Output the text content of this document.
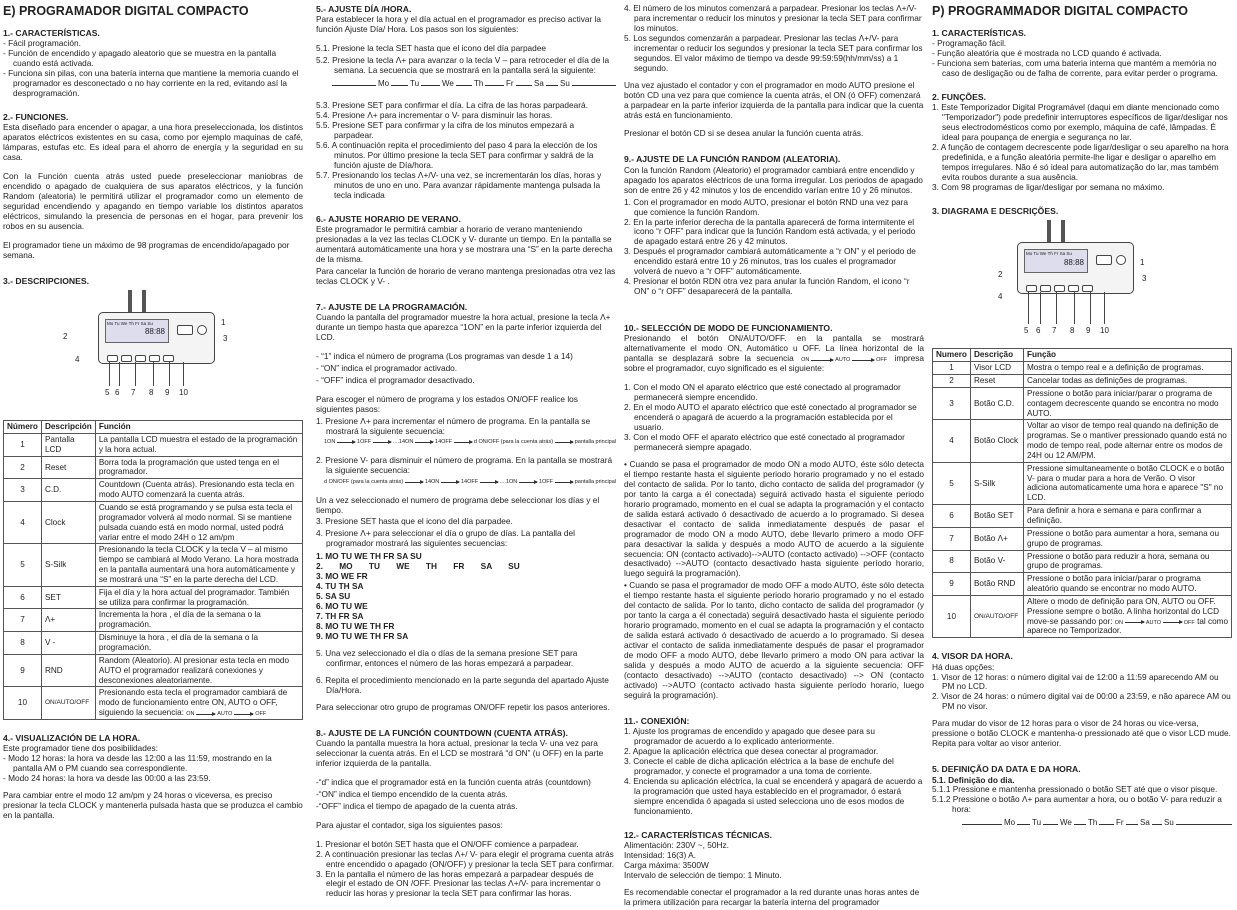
E) PROGRAMADOR DIGITAL COMPACTO
1.- CARACTERÍSTICAS.
- Fácil programación.
- Función de encendido y apagado aleatorio que se muestra en la pantalla cuando está activada.
- Funciona sin pilas, con una batería interna que mantiene la memoria cuando el programador es desconectado o no hay corriente en la red, evitando así la desprogramación.
2.- FUNCIONES.
Esta diseñado para encender o apagar, a una hora preseleccionada, los distintos aparatos eléctricos existentes en su casa, como por ejemplo maquinas de café, lámparas, estufas etc. Es ideal para el ahorro de energía y la seguridad en su casa.
Con la Función cuenta atrás usted puede preseleccionar maniobras de encendido o apagado de cualquiera de sus aparatos eléctricos, y la función Random (aleatoria) le permitirá utilizar el programador como un elemento de seguridad encendiendo y apagando en tiempo variable los distintos aparatos eléctricos, simulando la presencia de personas en el hogar, para prevenir los robos en su ausencia.
El programador tiene un máximo de 98 programas de encendido/apagado por semana.
3.- DESCRIPCIONES.
Mo Tu We Th Fr Sa Su
88:88
1
2	3
4
5 6 7 8 9 10
Número	Descripción	Función
1	Pantalla LCD	La pantalla LCD muestra el estado de la programación y la hora actual.
2	Reset	Borra toda la programación que usted tenga en el programador.
3	C.D.	Countdown (Cuenta atrás). Presionando esta tecla en modo AUTO comenzará la cuenta atrás.
4	Clock	Cuando se está programando y se pulsa esta tecla el programador volverá al modo normal. Si se mantiene pulsada cuando está en modo normal, usted podrá variar entre el modo 24H o 12 am/pm
5	S-Silk	Presionando la tecla CLOCK y la tecla V – al mismo tiempo se cambiará al Modo Verano. La hora mostrada en la pantalla aumentará una hora automáticamente y se mostrará una “S” en la parte derecha del LCD.
6	SET	Fija el día y la hora actual del programador. También se utiliza para confirmar la programación.
7	Λ+	Incrementa la hora , el día de la semana o la programación.
8	V -	Disminuye la hora , el día de la semana o la programación.
9	RND	Random (Aleatorio). Al presionar esta tecla en modo AUTO el programador realizará conexiones y desconexiones aleatoriamente.
10	ON/AUTO/OFF	Presionando esta tecla el programador cambiará de modo de funcionamiento entre ON, AUTO o OFF, siguiendo la secuencia: ON AUTO OFF
4.- VISUALIZACIÓN DE LA HORA.
Este programador tiene dos posibilidades:
- Modo 12 horas: la hora va desde las 12:00 a las 11:59, mostrando en la pantalla AM o PM cuando sea correspondiente.
- Modo 24 horas: la hora va desde las 00:00 a las 23:59.
Para cambiar entre el modo 12 am/pm y 24 horas o viceversa, es preciso presionar la tecla CLOCK y mantenerla pulsada hasta que se produzca el cambio en la pantalla.
5.- AJUSTE DÍA /HORA.
Para establecer la hora y el día actual en el programador es preciso activar la función Ajuste Día/ Hora. Los pasos son los siguientes:
5.1. Presione la tecla SET hasta que el icono del día parpadee
5.2. Presione la tecla Λ+ para avanzar o la tecla V – para retroceder el día de la semana. La secuencia que se mostrará en la pantalla será la siguiente:
Mo	Tu	We	Th	Fr	Sa Su
5.3. Presione SET para confirmar el día. La cifra de las horas parpadeará.
5.4. Presione Λ+ para incrementar o V- para disminuir las horas.
5.5. Presione SET para confirmar y la cifra de los minutos empezará a parpadear.
5.6. A continuación repita el procedimiento del paso 4 para la elección de los minutos. Por último presione la tecla SET para confirmar y saldrá de la función ajuste de Día/hora.
5.7. Presionando los teclas Λ+/V- una vez, se incrementarán los días, horas y minutos de uno en uno. Para avanzar rápidamente mantenga pulsada la tecla indicada
6.- AJUSTE HORARIO DE VERANO.
Este programador le permitirá cambiar a horario de verano manteniendo presionadas a la vez las teclas CLOCK y V- durante un tiempo. En la pantalla se aumentará automáticamente una hora y se mostrara una “S” en la parte derecha de la misma.
Para cancelar la función de horario de verano mantenga presionadas otra vez las teclas CLOCK y V- .
7.- AJUSTE DE LA PROGRAMACIÓN.
Cuando la pantalla del programador muestre la hora actual, presione la tecla Λ+ durante un tiempo hasta que aparezca “1ON” en la parte inferior izquierda del LCD.
- “1” indica el número de programa (Los programas van desde 1 a 14)
- “ON” indica el programador activado.
- “OFF” indica el programador desactivado.
Para escoger el número de programa y los estados ON/OFF realice los siguientes pasos:
1. Presione Λ+ para incrementar el número de programa. En la pantalla se mostrará la siguiente secuencia:
1ON	1OFF	....14ON	14OFF	d ON/OFF (para la cuenta atrás)	pantalla principal
2. Presione V- para disminuir el número de programa. En la pantalla se mostrará la siguiente secuencia:
d ON/OFF (para la cuenta atrás)	14ON	14OFF	....1ON	1OFF	pantalla principal
Un a vez seleccionado el numero de programa debe seleccionar los días y el tiempo.
3. Presione SET hasta que el icono del día parpadee.
4. Presione Λ+ para seleccionar el día o grupo de días. La pantalla del programador mostrará las siguientes secuencias:
1. MO TU WE TH FR SA SU
2. MO TU WE TH FR SA SU
3. MO WE FR
4. TU TH SA
5. SA SU
6. MO TU WE
7. TH FR SA
8. MO TU WE TH FR
9. MO TU WE TH FR SA
5. Una vez seleccionado el día o días de la semana presione SET para confirmar, entonces el número de las horas empezará a parpadear.
6. Repita el procedimiento mencionado en la parte segunda del apartado Ajuste Día/Hora.
Para seleccionar otro grupo de programas ON/OFF repetir los pasos anteriores.
8.- AJUSTE DE LA FUNCIÓN COUNTDOWN (CUENTA ATRÁS).
Cuando la pantalla muestra la hora actual, presionar la tecla V- una vez para seleccionar la cuenta atrás. En el LCD se mostrará “d ON” (u OFF) en la parte inferior izquierda de la pantalla.
-“d” indica que el programador está en la función cuenta atrás (countdown)
-“ON” indica el tiempo encendido de la cuenta atrás.
-“OFF” indica el tiempo de apagado de la cuenta atrás.
Para ajustar el contador, siga los siguientes pasos:
1. Presionar el botón SET hasta que el ON/OFF comience a parpadear.
2. A continuación presionar las teclas Λ+/ V- para elegir el programa cuenta atrás entre encendido o apagado (ON/OFF) y presionar la tecla SET para confirmar.
3. En la pantalla el número de las horas empezará a parpadear después de elegir el estado de ON /OFF. Presionar las teclas Λ+/V- para incrementar o reducir las horas y presionar la tecla SET para confirmar las horas.
4. El número de los minutos comenzará a parpadear. Presionar los teclas Λ+/V- para incrementar o reducir los minutos y presionar la tecla SET para confirmar los minutos.
5. Los segundos comenzarán a parpadear. Presionar las teclas Λ+/V- para incrementar o reducir los segundos y presionar la tecla SET para confirmar los segundos. El valor máximo de tiempo va desde 99:59:59(hh/mm/ss) a 1 segundo.
Una vez ajustado el contador y con el programador en modo AUTO presione el botón CD una vez para que comience la cuenta atrás, el ON (ó OFF) comenzará a parpadear en la parte inferior izquierda de la pantalla para indicar que la cuenta atrás está en funcionamiento.
Presionar el botón CD si se desea anular la función cuenta atrás.
9.- AJUSTE DE LA FUNCIÓN RANDOM (ALEATORIA).
Con la función Random (Aleatorio) el programador cambiará entre encendido y apagado los aparatos eléctricos de una forma irregular. Los periodos de apagado son de entre 26 y 42 minutos y los de encendido varían entre 10 y 26 minutos.
1. Con el programador en modo AUTO, presionar el botón RND una vez para que comience la función Random.
2. En la parte inferior derecha de la pantalla aparecerá de forma intermitente el icono “r OFF” para indicar que la función Random está activada, y el periodo de apagado estará entre 26 y 42 minutos.
3. Después el programador cambiará automáticamente a “r ON” y el periodo de encendido estará entre 10 y 26 minutos, tras los cuales el programador volverá de nuevo a “r OFF” automáticamente.
4. Presionar el botón RDN otra vez para anular la función Random, el icono “r ON” o “r OFF” desaparecerá de la pantalla.
10.- SELECCIÓN DE MODO DE FUNCIONAMIENTO.
Presionando el botón ON/AUTO/OFF. en la pantalla se mostrará alternativamente el modo ON, Automático u OFF. La línea horizontal de la pantalla se desplazará sobre la secuencia ON	AUTO	OFF impresa sobre el programador, cuyo significado es el siguiente:
1. Con el modo ON el aparato eléctrico que esté conectado al programador permanecerá siempre encendido.
2. En el modo AUTO el aparato eléctrico que esté conectado al programador se encenderá o apagará de acuerdo a la programación establecida por el usuario.
3. Con el modo OFF el aparato eléctrico que esté conectado al programador permanecerá siempre apagado.
• Cuando se pasa el programador de modo ON a modo AUTO, éste sólo detecta el tiempo restante hasta el siguiente periodo horario programado y no el estado del contacto de salida. Por lo tanto, dicho contacto de salida del programador (y por tanto la carga a él conectada) seguirá activado hasta el siguiente periodo horario programado, momento en el cual se adapta la programación y el contacto de salida estará activado ó desactivado de acuerdo a lo programado. Si desea desactivar el contacto de salida inmediatamente después de pasar el programador de modo ON a modo AUTO, debe llevarlo primero a modo OFF para desactivar la salida y después a modo AUTO de acuerdo a la siguiente secuencia: ON (contacto activado)-->AUTO (contacto activado) -->OFF (contacto desactivado) -->AUTO (contacto desactivado hasta siguiente período horario, luego seguirá la programación).
• Cuando se pasa el programador de modo OFF a modo AUTO, éste sólo detecta el tiempo restante hasta el siguiente periodo horario programado y no el estado del contacto de salida. Por lo tanto, dicho contacto de salida del programador (y por tanto la carga a él conectada) seguirá desactivado hasta el siguiente periodo horario programado, momento en el cual se adapta la programación y el contacto de salida estará activado ó desactivado de acuerdo a lo programado. Si desea activar el contacto de salida inmediatamente después de pasar el programador de modo OFF a modo AUTO, debe llevarlo primero a modo ON para activar la salida y después a modo AUTO de acuerdo a la siguiente secuencia: OFF (contacto desactivado) -->AUTO (contacto desactivado) --> ON (contacto activado) -->AUTO (contacto activado hasta siguiente período horario, luego seguirá la programación).
11.- CONEXIÓN:
1. Ajuste los programas de encendido y apagado que desee para su programador de acuerdo a lo explicado anteriormente.
2. Apague la aplicación eléctrica que desea conectar al programador.
3. Conecte el cable de dicha aplicación eléctrica a la base de enchufe del programador, y conecte el programador a una toma de corriente.
4. Encienda su aplicación eléctrica, la cual se encenderá y apagará de acuerdo a la programación que usted haya establecido en el programador, ó estará siempre encendida ó apagada si usted selecciona uno de esos modos de funcionamiento.
12.- CARACTERÍSTICAS TÉCNICAS.
Alimentación: 230V ~, 50Hz.
Intensidad: 16(3) A.
Carga máxima: 3500W
Intervalo de selección de tiempo: 1 Minuto.
Es recomendable conectar el programador a la red durante unas horas antes de la primera utilización para recargar la batería interna del programador
P) PROGRAMMADOR DIGITAL COMPACTO
1. CARACTERÍSTICAS.
- Programação fácil.
- Função aleatória que é mostrada no LCD quando é activada.
- Funciona sem baterias, com uma bateria interna que mantém a memória no caso de desligação ou de falha de corrente, para evitar perder o programa.
2. FUNÇÕES.
1. Este Temporizador Digital Programável (daqui em diante mencionado como "Temporizador") pode predefinir interruptores específicos de ligar/desligar nos seus electrodomésticos como por exemplo, máquina de café, lâmpadas. É ideal para poupança de energia e segurança no lar.
2. A função de contagem decrescente pode ligar/desligar o seu aparelho na hora predefinida, e a função aleatória permite-lhe ligar e desligar o aparelho em tempos irregulares. Não é só ideal para automatização do lar, mas também evita roubos durante a sua ausência.
3. Com 98 programas de ligar/desligar por semana no máximo.
3. DIAGRAMA E DESCRIÇÕES.
Mo Tu We Th Fr Sa Su
88:88	1
2	3
4
5 6 7 8 9 10
Numero	Descrição	Função
1	Visor LCD	Mostra o tempo real e a definição de programas.
2	Reset	Cancelar todas as definições de programas.
3	Botão C.D.	Pressione o botão para iniciar/parar o programa de contagem decrescente quando se encontra no modo AUTO.
4	Botão Clock	Voltar ao visor de tempo real quando na definição de programas. Se o mantiver pressionado quando está no modo de tempo real, pode alternar entre os modos de 24H ou 12 AM/PM.
5	S-Silk	Pressione simultaneamente o botão CLOCK e o botão V- para o mudar para a hora de Verão. O visor adiciona automaticamente uma hora e aparece "S" no LCD.
6	Botão SET	Para definir a hora e semana e para confirmar a definição.
7	Botão Λ+	Pressione o botão para aumentar a hora, semana ou grupo de programas.
8	Botão V-	Pressione o botão para reduzir a hora, semana ou grupo de programas.
9	Botão RND	Pressione o botão para iniciar/parar o programa aleatório quando se encontrar no modo AUTO.
10	ON/AUTO/OFF	Altere o modo de definição para ON, AUTO ou OFF. Pressione sempre o botão. A linha horizontal do LCD move-se passando por: ON AUTO OFF tal como aparece no Temporizador.
4. VISOR DA HORA.
Há duas opções:
1. Visor de 12 horas: o número digital vai de 12:00 a 11:59 aparecendo AM ou PM no LCD.
2. Visor de 24 horas: o número digital vai de 00:00 a 23:59, e não aparece AM ou PM no visor.
Para mudar do visor de 12 horas para o visor de 24 horas ou vice-versa, pressione o botão CLOCK e mantenha-o pressionado até que o visor LCD mude. Repita para voltar ao visor anterior.
5. DEFINIÇÃO DA DATA E DA HORA.
5.1. Definição do dia.
5.1.1 Pressione e mantenha pressionado o botão SET até que o visor pisque.
5.1.2 Pressione o botão Λ+ para aumentar a hora, ou o botão V- para reduzir a hora:
Mo Tu We Th Fr Sa Su
